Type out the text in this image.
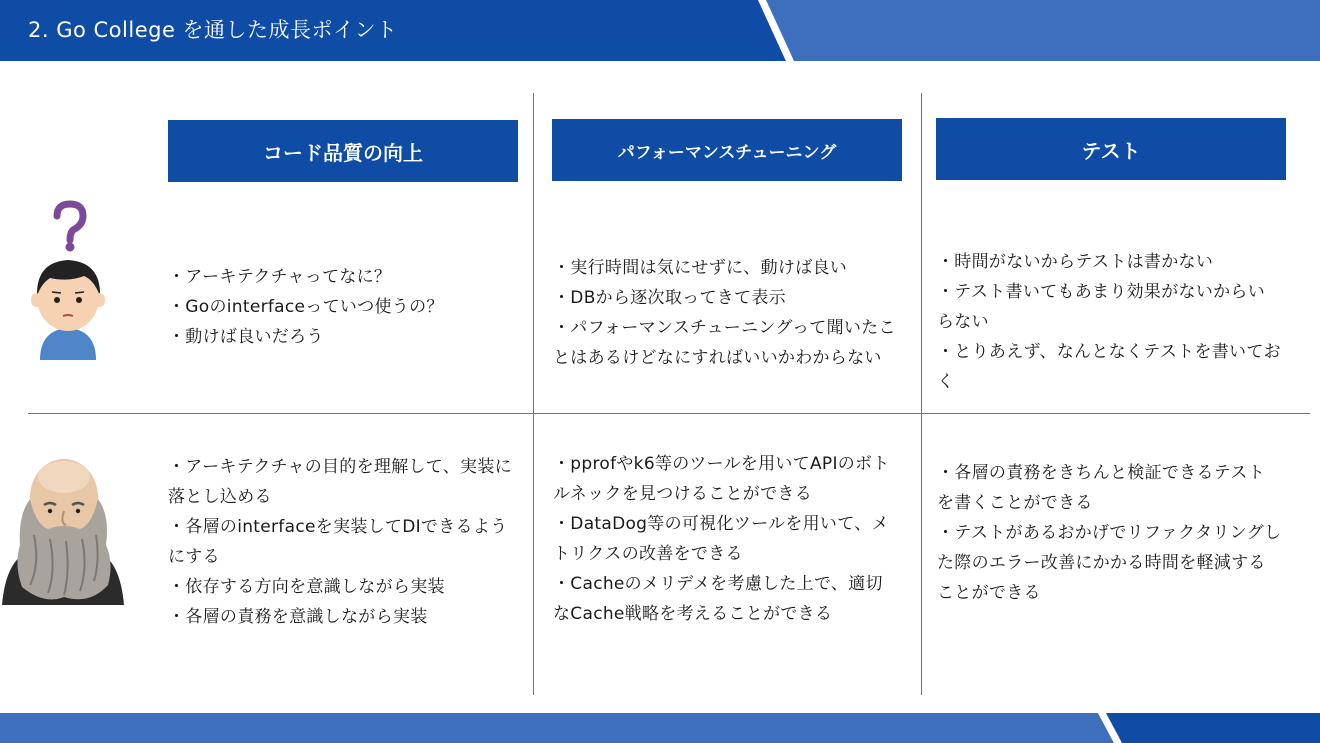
2. Go College を通した成長ポイント
コード品質の向上	パフォーマンスチューニング	テスト

・アーキテクチャってなに？

・Goのinterfaceっていつ使うの？

・動けば良いだろう

・実行時間は気にせずに、動けば良い

・DBから逐次取ってきて表示

・パフォーマンスチューニングって聞いたことはあるけどなにすればいいかわからない

・時間がないからテストは書かない

・テスト書いてもあまり効果がないからいらない

・とりあえず、なんとなくテストを書いておく

・アーキテクチャの目的を理解して、実装に落とし込める

・各層のinterfaceを実装してDIできるようにする

・依存する方向を意識しながら実装

・各層の責務を意識しながら実装

・pprofやk6等のツールを用いてAPIのボトルネックを見つけることができる

・DataDog等の可視化ツールを用いて、メトリクスの改善をできる

・Cacheのメリデメを考慮した上で、適切なCache戦略を考えることができる

・各層の責務をきちんと検証できるテストを書くことができる

・テストがあるおかげでリファクタリングした際のエラー改善にかかる時間を軽減することができる
